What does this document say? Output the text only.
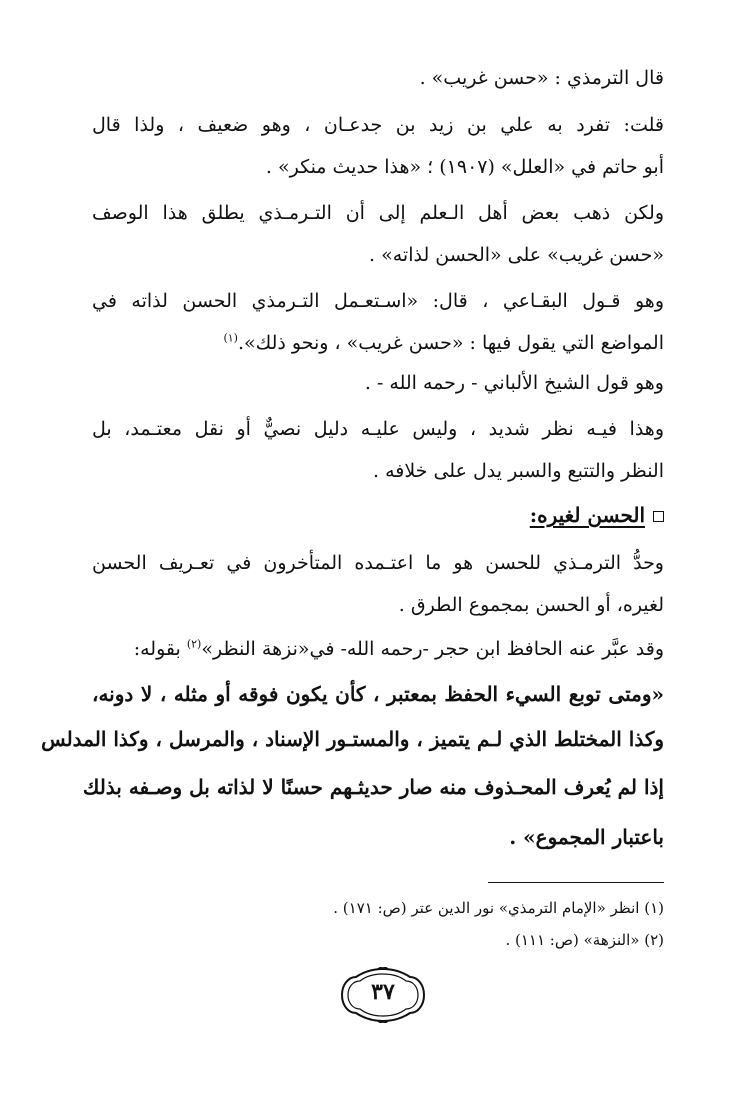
قال الترمذي : «حسن غريب» .
قلت: تفرد به علي بن زيد بن جدعـان ، وهو ضعيف ، ولذا قال
أبو حاتم في «العلل» (١٩٠٧) ؛ «هذا حديث منكر» .
ولكن ذهب بعض أهل الـعلم إلى أن التـرمـذي يطلق هذا الوصف
«حسن غريب» على «الحسن لذاته» .
وهو قـول البقـاعي ، قال: «اسـتعـمل التـرمذي الحسن لذاته في
المواضع التي يقول فيها : «حسن غريب» ، ونحو ذلك».$^{(١)}$
وهو قول الشيخ الألباني - رحمه الله - .
وهذا فيـه نظر شديد ، وليس عليـه دليل نصيٌّ أو نقل معتـمد، بل
النظر والتتبع والسبر يدل على خلافه .
الحسن لغيره:
وحدُّ الترمـذي للحسن هو ما اعتـمده المتأخرون في تعـريف الحسن
لغيره، أو الحسن بمجموع الطرق .
وقد عبَّر عنه الحافظ ابن حجر -رحمه الله- في«نزهة النظر»$^{(٢)}$ بقوله:
«ومتى توبع السيء الحفظ بمعتبر ، كأن يكون فوقه أو مثله ، لا دونه،
وكذا المختلط الذي لـم يتميز ، والمستـور الإسناد ، والمرسل ، وكذا المدلس
إذا لم يُعرف المحـذوف منه صار حديثـهم حسنًا لا لذاته بل وصـفه بذلك
باعتبار المجموع» .
(١) انظر «الإمام الترمذي» نور الدين عتر (ص: ١٧١) .
(٢) «النزهة» (ص: ١١١) .
٣٧
